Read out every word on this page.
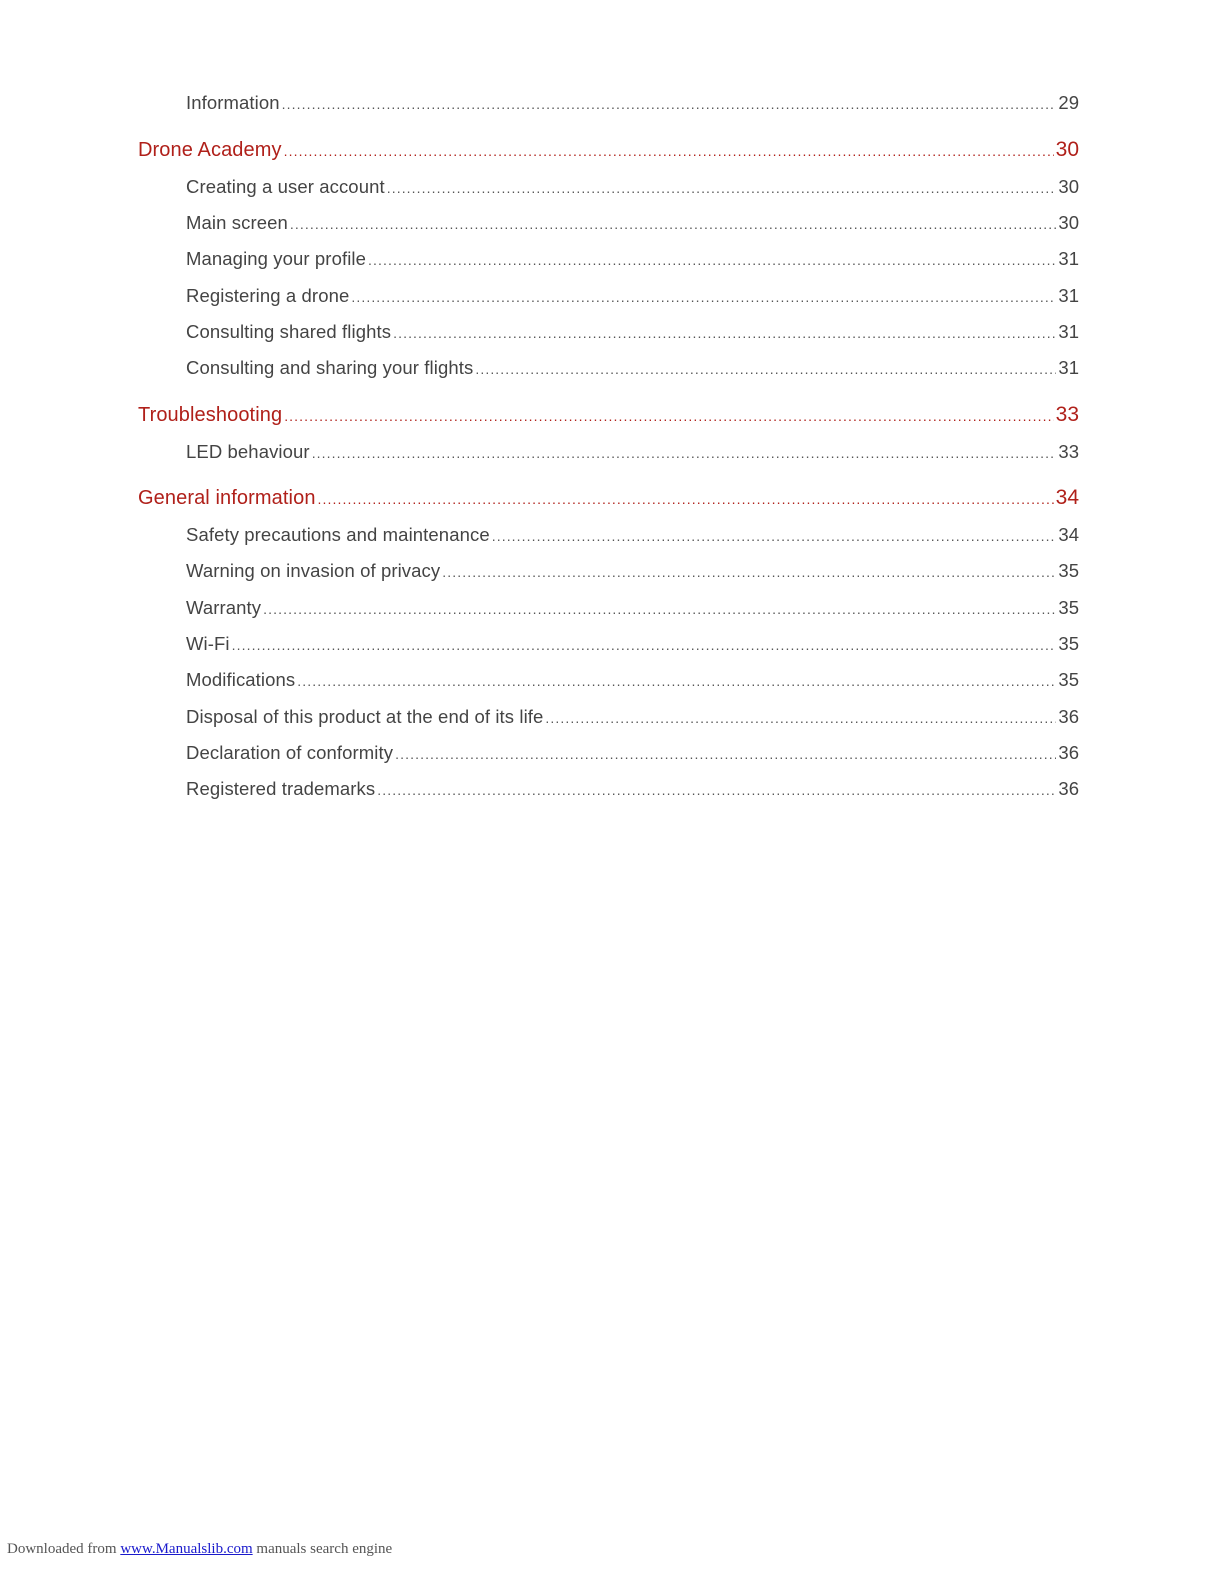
Information .....	29
Drone Academy .....	30
Creating a user account .....	30
Main screen .....	30
Managing your profile .....	31
Registering a drone .....	31
Consulting shared flights .....	31
Consulting and sharing your flights .....	31
Troubleshooting .....	33
LED behaviour .....	33
General information .....	34
Safety precautions and maintenance .....	34
Warning on invasion of privacy .....	35
Warranty .....	35
Wi-Fi .....	35
Modifications .....	35
Disposal of this product at the end of its life .....	36
Declaration of conformity .....	36
Registered trademarks .....	36
Downloaded from www.Manualslib.com manuals search engine
